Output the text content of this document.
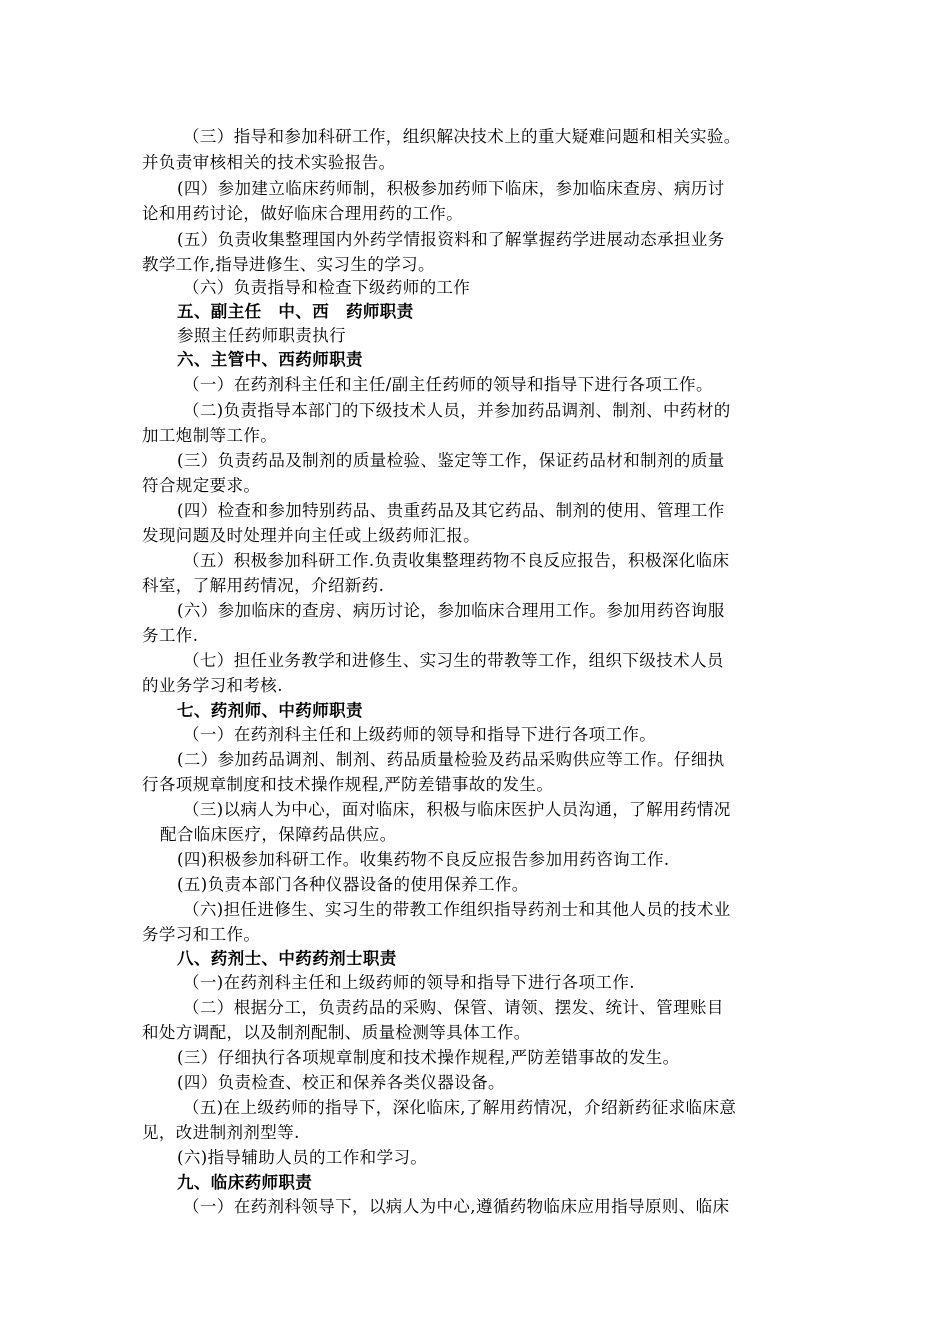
（三）指导和参加科研工作，组织解决技术上的重大疑难问题和相关实验。
并负责审核相关的技术实验报告。
(四）参加建立临床药师制，积极参加药师下临床，参加临床查房、病历讨
论和用药讨论，做好临床合理用药的工作。
(五）负责收集整理国内外药学情报资料和了解掌握药学进展动态承担业务
教学工作,指导进修生、实习生的学习。
（六）负责指导和检查下级药师的工作
五、副主任　中、西　药师职责
参照主任药师职责执行
六、主管中、西药师职责
（一）在药剂科主任和主任/副主任药师的领导和指导下进行各项工作。
（二)负责指导本部门的下级技术人员，并参加药品调剂、制剂、中药材的
加工炮制等工作。
(三）负责药品及制剂的质量检验、鉴定等工作，保证药品材和制剂的质量
符合规定要求。
(四）检查和参加特别药品、贵重药品及其它药品、制剂的使用、管理工作
发现问题及时处理并向主任或上级药师汇报。
（五）积极参加科研工作.负责收集整理药物不良反应报告，积极深化临床
科室，了解用药情况，介绍新药.
(六）参加临床的查房、病历讨论，参加临床合理用工作。参加用药咨询服
务工作.
（七）担任业务教学和进修生、实习生的带教等工作，组织下级技术人员
的业务学习和考核.
七、药剂师、中药师职责
（一）在药剂科主任和上级药师的领导和指导下进行各项工作。
(二）参加药品调剂、制剂、药品质量检验及药品采购供应等工作。仔细执
行各项规章制度和技术操作规程,严防差错事故的发生。
（三)以病人为中心，面对临床，积极与临床医护人员沟通，了解用药情况
配合临床医疗，保障药品供应。
(四)积极参加科研工作。收集药物不良反应报告参加用药咨询工作.
(五)负责本部门各种仪器设备的使用保养工作。
（六)担任进修生、实习生的带教工作组织指导药剂士和其他人员的技术业
务学习和工作。
八、药剂士、中药药剂士职责
（一)在药剂科主任和上级药师的领导和指导下进行各项工作.
（二）根据分工，负责药品的采购、保管、请领、摆发、统计、管理账目
和处方调配，以及制剂配制、质量检测等具体工作。
(三）仔细执行各项规章制度和技术操作规程,严防差错事故的发生。
(四）负责检查、校正和保养各类仪器设备。
（五)在上级药师的指导下，深化临床,了解用药情况，介绍新药征求临床意
见，改进制剂剂型等.
(六)指导辅助人员的工作和学习。
九、临床药师职责
（一）在药剂科领导下，以病人为中心,遵循药物临床应用指导原则、临床
